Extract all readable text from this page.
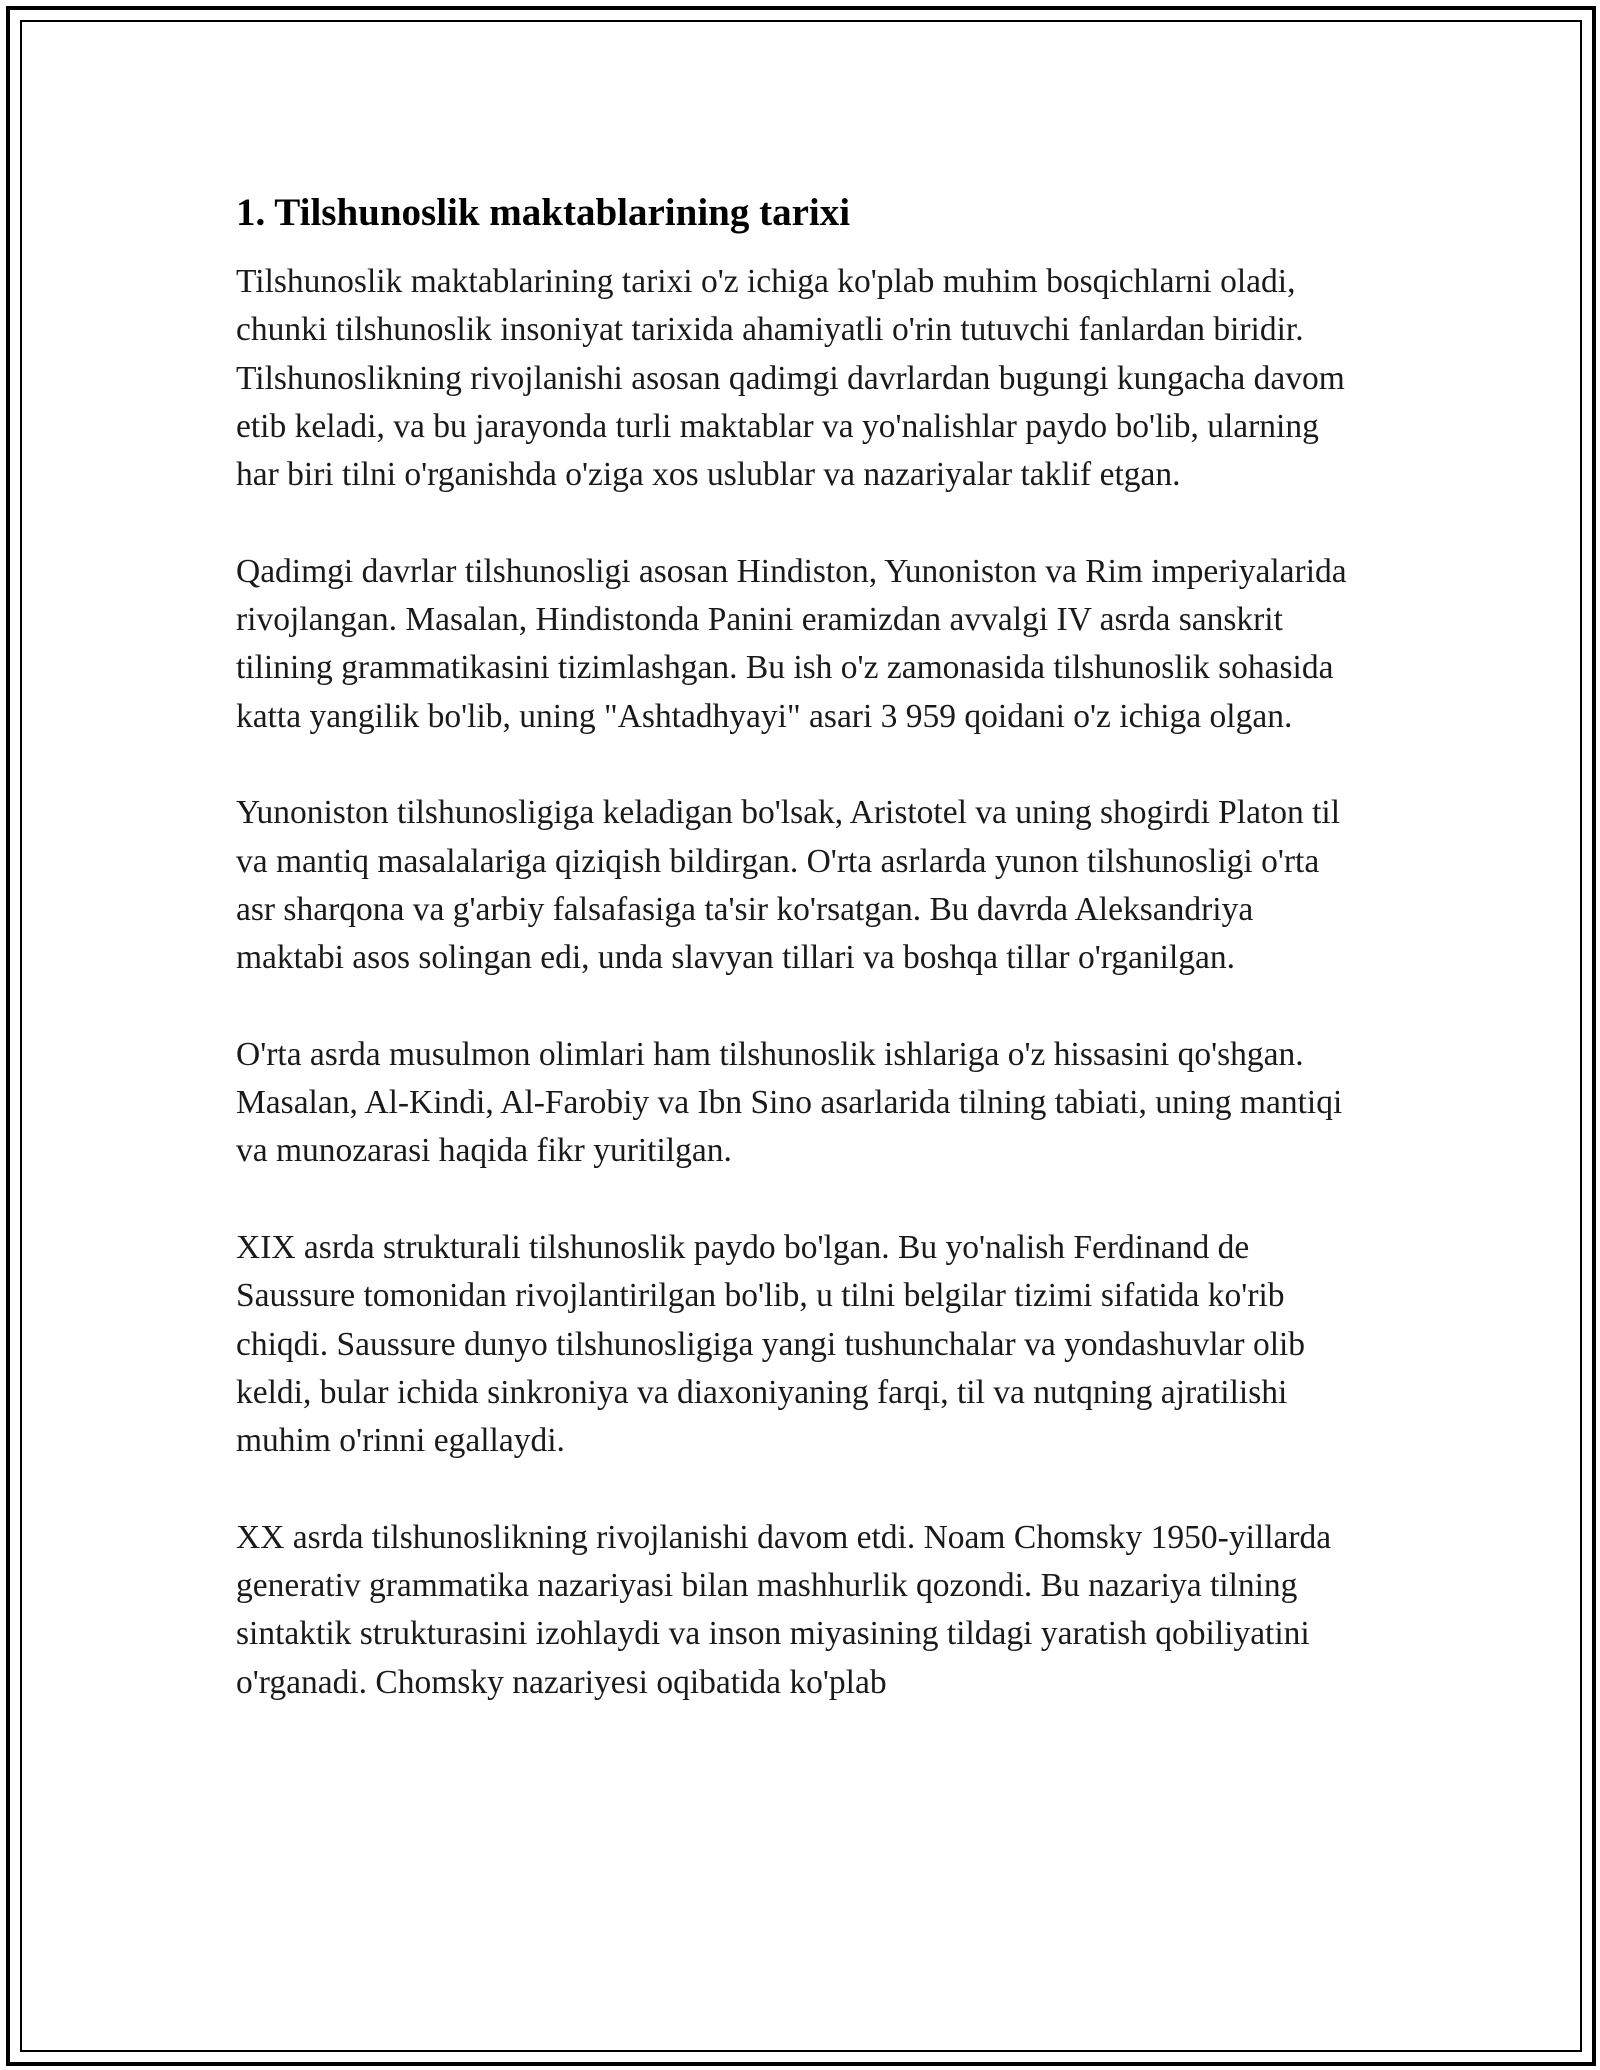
1. Tilshunoslik maktablarining tarixi

Tilshunoslik maktablarining tarixi o'z ichiga ko'plab muhim bosqichlarni oladi, chunki tilshunoslik insoniyat tarixida ahamiyatli o'rin tutuvchi fanlardan biridir. Tilshunoslikning rivojlanishi asosan qadimgi davrlardan bugungi kungacha davom etib keladi, va bu jarayonda turli maktablar va yo'nalishlar paydo bo'lib, ularning har biri tilni o'rganishda o'ziga xos uslublar va nazariyalar taklif etgan.

Qadimgi davrlar tilshunosligi asosan Hindiston, Yunoniston va Rim imperiyalarida rivojlangan. Masalan, Hindistonda Panini eramizdan avvalgi IV asrda sanskrit tilining grammatikasini tizimlashgan. Bu ish o'z zamonasida tilshunoslik sohasida katta yangilik bo'lib, uning "Ashtadhyayi" asari 3 959 qoidani o'z ichiga olgan.

Yunoniston tilshunosligiga keladigan bo'lsak, Aristotel va uning shogirdi Platon til va mantiq masalalariga qiziqish bildirgan. O'rta asrlarda yunon tilshunosligi o'rta asr sharqona va g'arbiy falsafasiga ta'sir ko'rsatgan. Bu davrda Aleksandriya maktabi asos solingan edi, unda slavyan tillari va boshqa tillar o'rganilgan.

O'rta asrda musulmon olimlari ham tilshunoslik ishlariga o'z hissasini qo'shgan. Masalan, Al-Kindi, Al-Farobiy va Ibn Sino asarlarida tilning tabiati, uning mantiqi va munozarasi haqida fikr yuritilgan.

XIX asrda strukturali tilshunoslik paydo bo'lgan. Bu yo'nalish Ferdinand de Saussure tomonidan rivojlantirilgan bo'lib, u tilni belgilar tizimi sifatida ko'rib chiqdi. Saussure dunyo tilshunosligiga yangi tushunchalar va yondashuvlar olib keldi, bular ichida sinkroniya va diaxoniyaning farqi, til va nutqning ajratilishi muhim o'rinni egallaydi.

XX asrda tilshunoslikning rivojlanishi davom etdi. Noam Chomsky 1950-yillarda generativ grammatika nazariyasi bilan mashhurlik qozondi. Bu nazariya tilning sintaktik strukturasini izohlaydi va inson miyasining tildagi yaratish qobiliyatini o'rganadi. Chomsky nazariyesi oqibatida ko'plab
